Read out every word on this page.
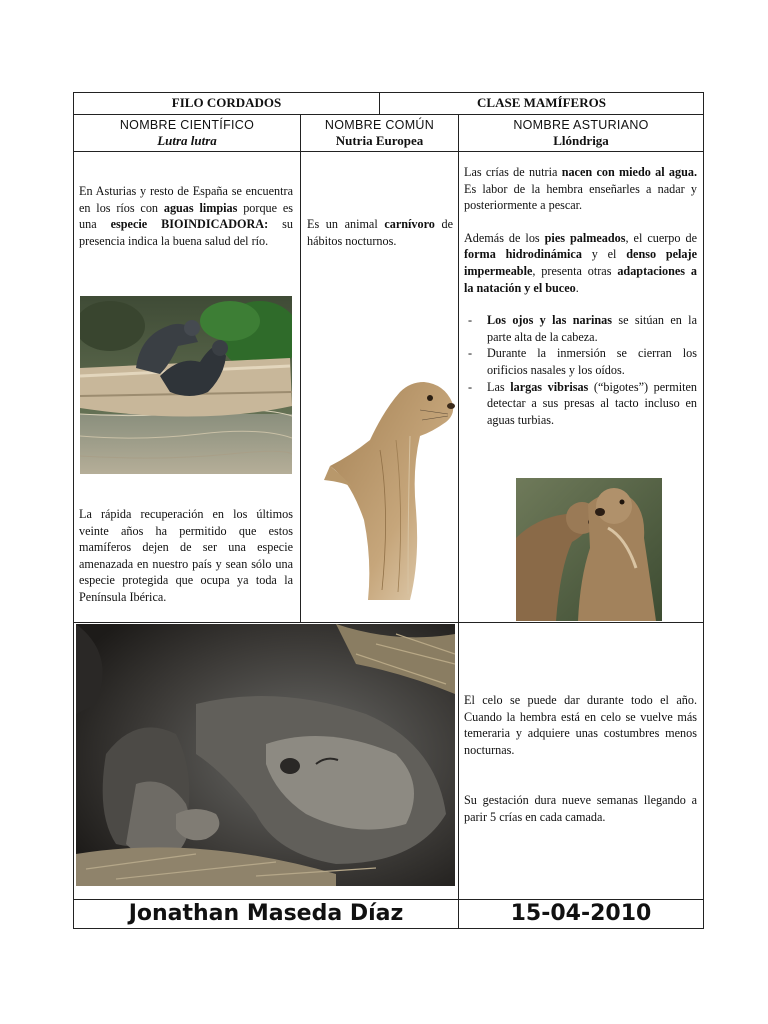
FILO CORDADOS	CLASE MAMÍFEROS
NOMBRE CIENTÍFICO
Lutra lutra
NOMBRE COMÚN
Nutria Europea
NOMBRE ASTURIANO
Llóndriga
En Asturias y resto de España se encuentra en los ríos con aguas limpias porque es una especie BIOINDICADORA: su presencia indica la buena salud del río.
La rápida recuperación en los últimos veinte años ha permitido que estos mamíferos dejen de ser una especie amenazada en nuestro país y sean sólo una especie protegida que ocupa ya toda la Península Ibérica.
Es un animal carnívoro de hábitos nocturnos.

Las crías de nutria nacen con miedo al agua. Es labor de la hembra enseñarles a nadar y posteriormente a pescar.

Además de los pies palmeados, el cuerpo de forma hidrodinámica y el denso pelaje impermeable, presenta otras adaptaciones a la natación y el buceo.

- Los ojos y las narinas se sitúan en la parte alta de la cabeza.
- Durante la inmersión se cierran los orificios nasales y los oídos.
- Las largas vibrisas (“bigotes”) permiten detectar a sus presas al tacto incluso en aguas turbias.
El celo se puede dar durante todo el año. Cuando la hembra está en celo se vuelve más temeraria y adquiere unas costumbres menos nocturnas.
Su gestación dura nueve semanas llegando a parir 5 crías en cada camada.
Jonathan Maseda Díaz	15-04-2010
